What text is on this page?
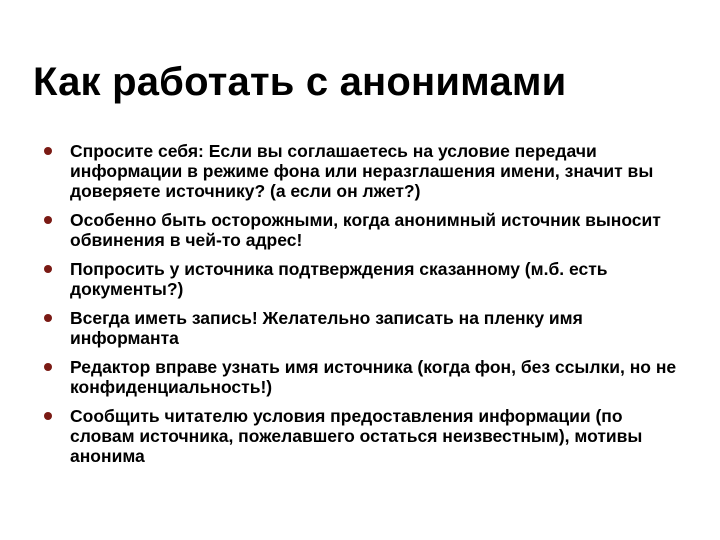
Как работать с анонимами
Спросите себя: Если вы соглашаетесь на условие передачи информации в режиме фона или неразглашения имени, значит вы доверяете источнику? (а если он лжет?)
Особенно быть осторожными, когда анонимный источник выносит обвинения в чей-то адрес!
Попросить у источника подтверждения сказанному (м.б. есть документы?)
Всегда иметь запись! Желательно записать на пленку имя информанта
Редактор вправе узнать имя источника (когда фон, без ссылки, но не конфиденциальность!)
Сообщить читателю условия предоставления информации (по словам источника, пожелавшего остаться неизвестным), мотивы анонима
